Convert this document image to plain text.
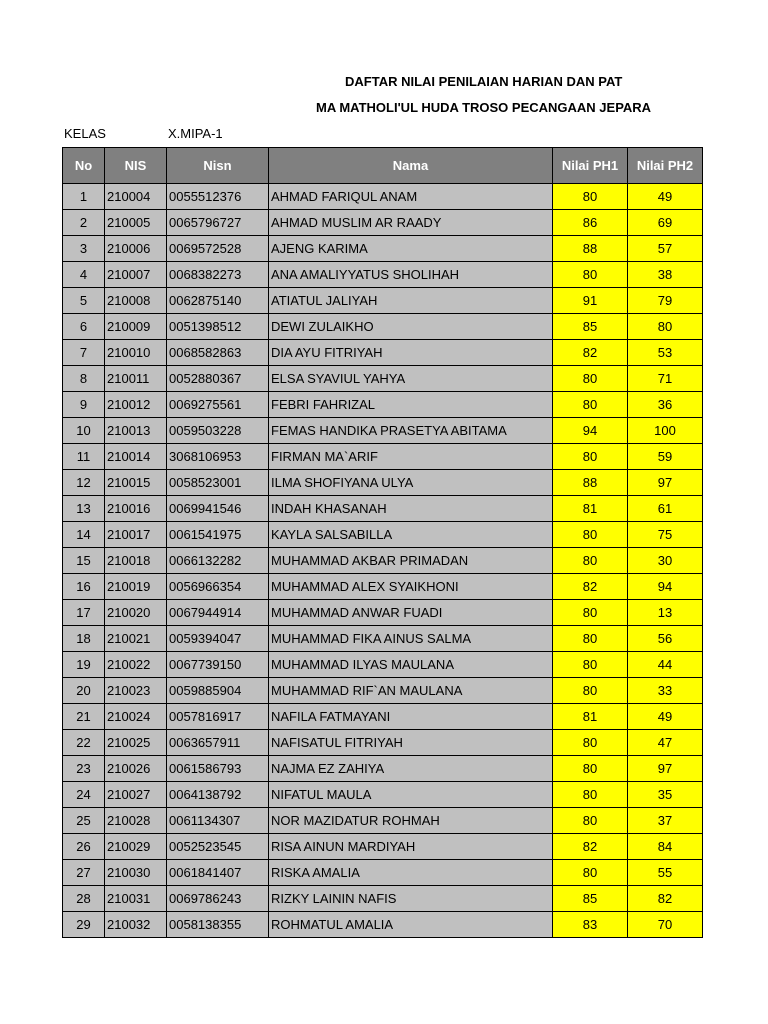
DAFTAR NILAI PENILAIAN HARIAN DAN PAT
MA MATHOLI'UL HUDA TROSO PECANGAAN JEPARA
KELAS	X.MIPA-1
No	NIS	Nisn	Nama	Nilai PH1	Nilai PH2
1	210004	0055512376	AHMAD FARIQUL ANAM	80	49
2	210005	0065796727	AHMAD MUSLIM AR RAADY	86	69
3	210006	0069572528	AJENG KARIMA	88	57
4	210007	0068382273	ANA AMALIYYATUS SHOLIHAH	80	38
5	210008	0062875140	ATIATUL JALIYAH	91	79
6	210009	0051398512	DEWI ZULAIKHO	85	80
7	210010	0068582863	DIA AYU FITRIYAH	82	53
8	210011	0052880367	ELSA SYAVIUL YAHYA	80	71
9	210012	0069275561	FEBRI FAHRIZAL	80	36
10	210013	0059503228	FEMAS HANDIKA PRASETYA ABITAMA	94	100
11	210014	3068106953	FIRMAN MA`ARIF	80	59
12	210015	0058523001	ILMA SHOFIYANA ULYA	88	97
13	210016	0069941546	INDAH KHASANAH	81	61
14	210017	0061541975	KAYLA SALSABILLA	80	75
15	210018	0066132282	MUHAMMAD AKBAR PRIMADAN	80	30
16	210019	0056966354	MUHAMMAD ALEX SYAIKHONI	82	94
17	210020	0067944914	MUHAMMAD ANWAR FUADI	80	13
18	210021	0059394047	MUHAMMAD FIKA AINUS SALMA	80	56
19	210022	0067739150	MUHAMMAD ILYAS MAULANA	80	44
20	210023	0059885904	MUHAMMAD RIF`AN MAULANA	80	33
21	210024	0057816917	NAFILA FATMAYANI	81	49
22	210025	0063657911	NAFISATUL FITRIYAH	80	47
23	210026	0061586793	NAJMA EZ ZAHIYA	80	97
24	210027	0064138792	NIFATUL MAULA	80	35
25	210028	0061134307	NOR MAZIDATUR ROHMAH	80	37
26	210029	0052523545	RISA AINUN MARDIYAH	82	84
27	210030	0061841407	RISKA AMALIA	80	55
28	210031	0069786243	RIZKY LAININ NAFIS	85	82
29	210032	0058138355	ROHMATUL AMALIA	83	70
